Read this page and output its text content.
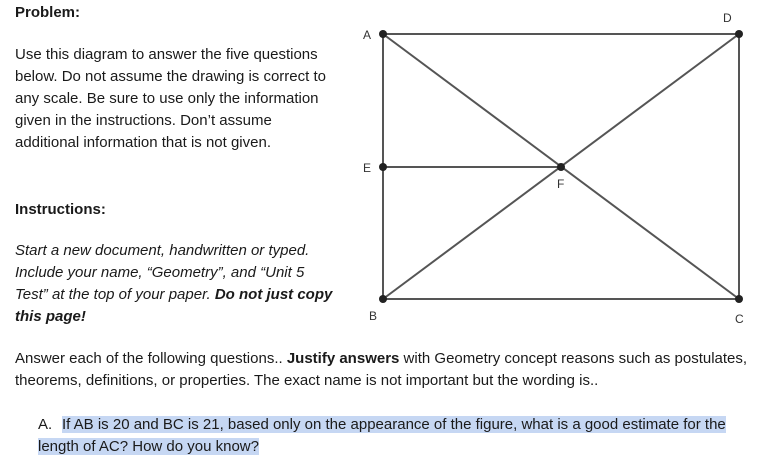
Problem:

Use this diagram to answer the five questions below. Do not assume the drawing is correct to any scale. Be sure to use only the information given in the instructions. Don’t assume additional information that is not given.

Instructions:

Start a new document, handwritten or typed. Include your name, “Geometry”, and “Unit 5 Test” at the top of your paper. Do not just copy this page!

Answer each of the following questions.. Justify answers with Geometry concept reasons such as postulates, theorems, definitions, or properties. The exact name is not important but the wording is..

A. If AB is 20 and BC is 21, based only on the appearance of the figure, what is a good estimate for the length of AC? How do you know?

A
D
E
F
B	C
